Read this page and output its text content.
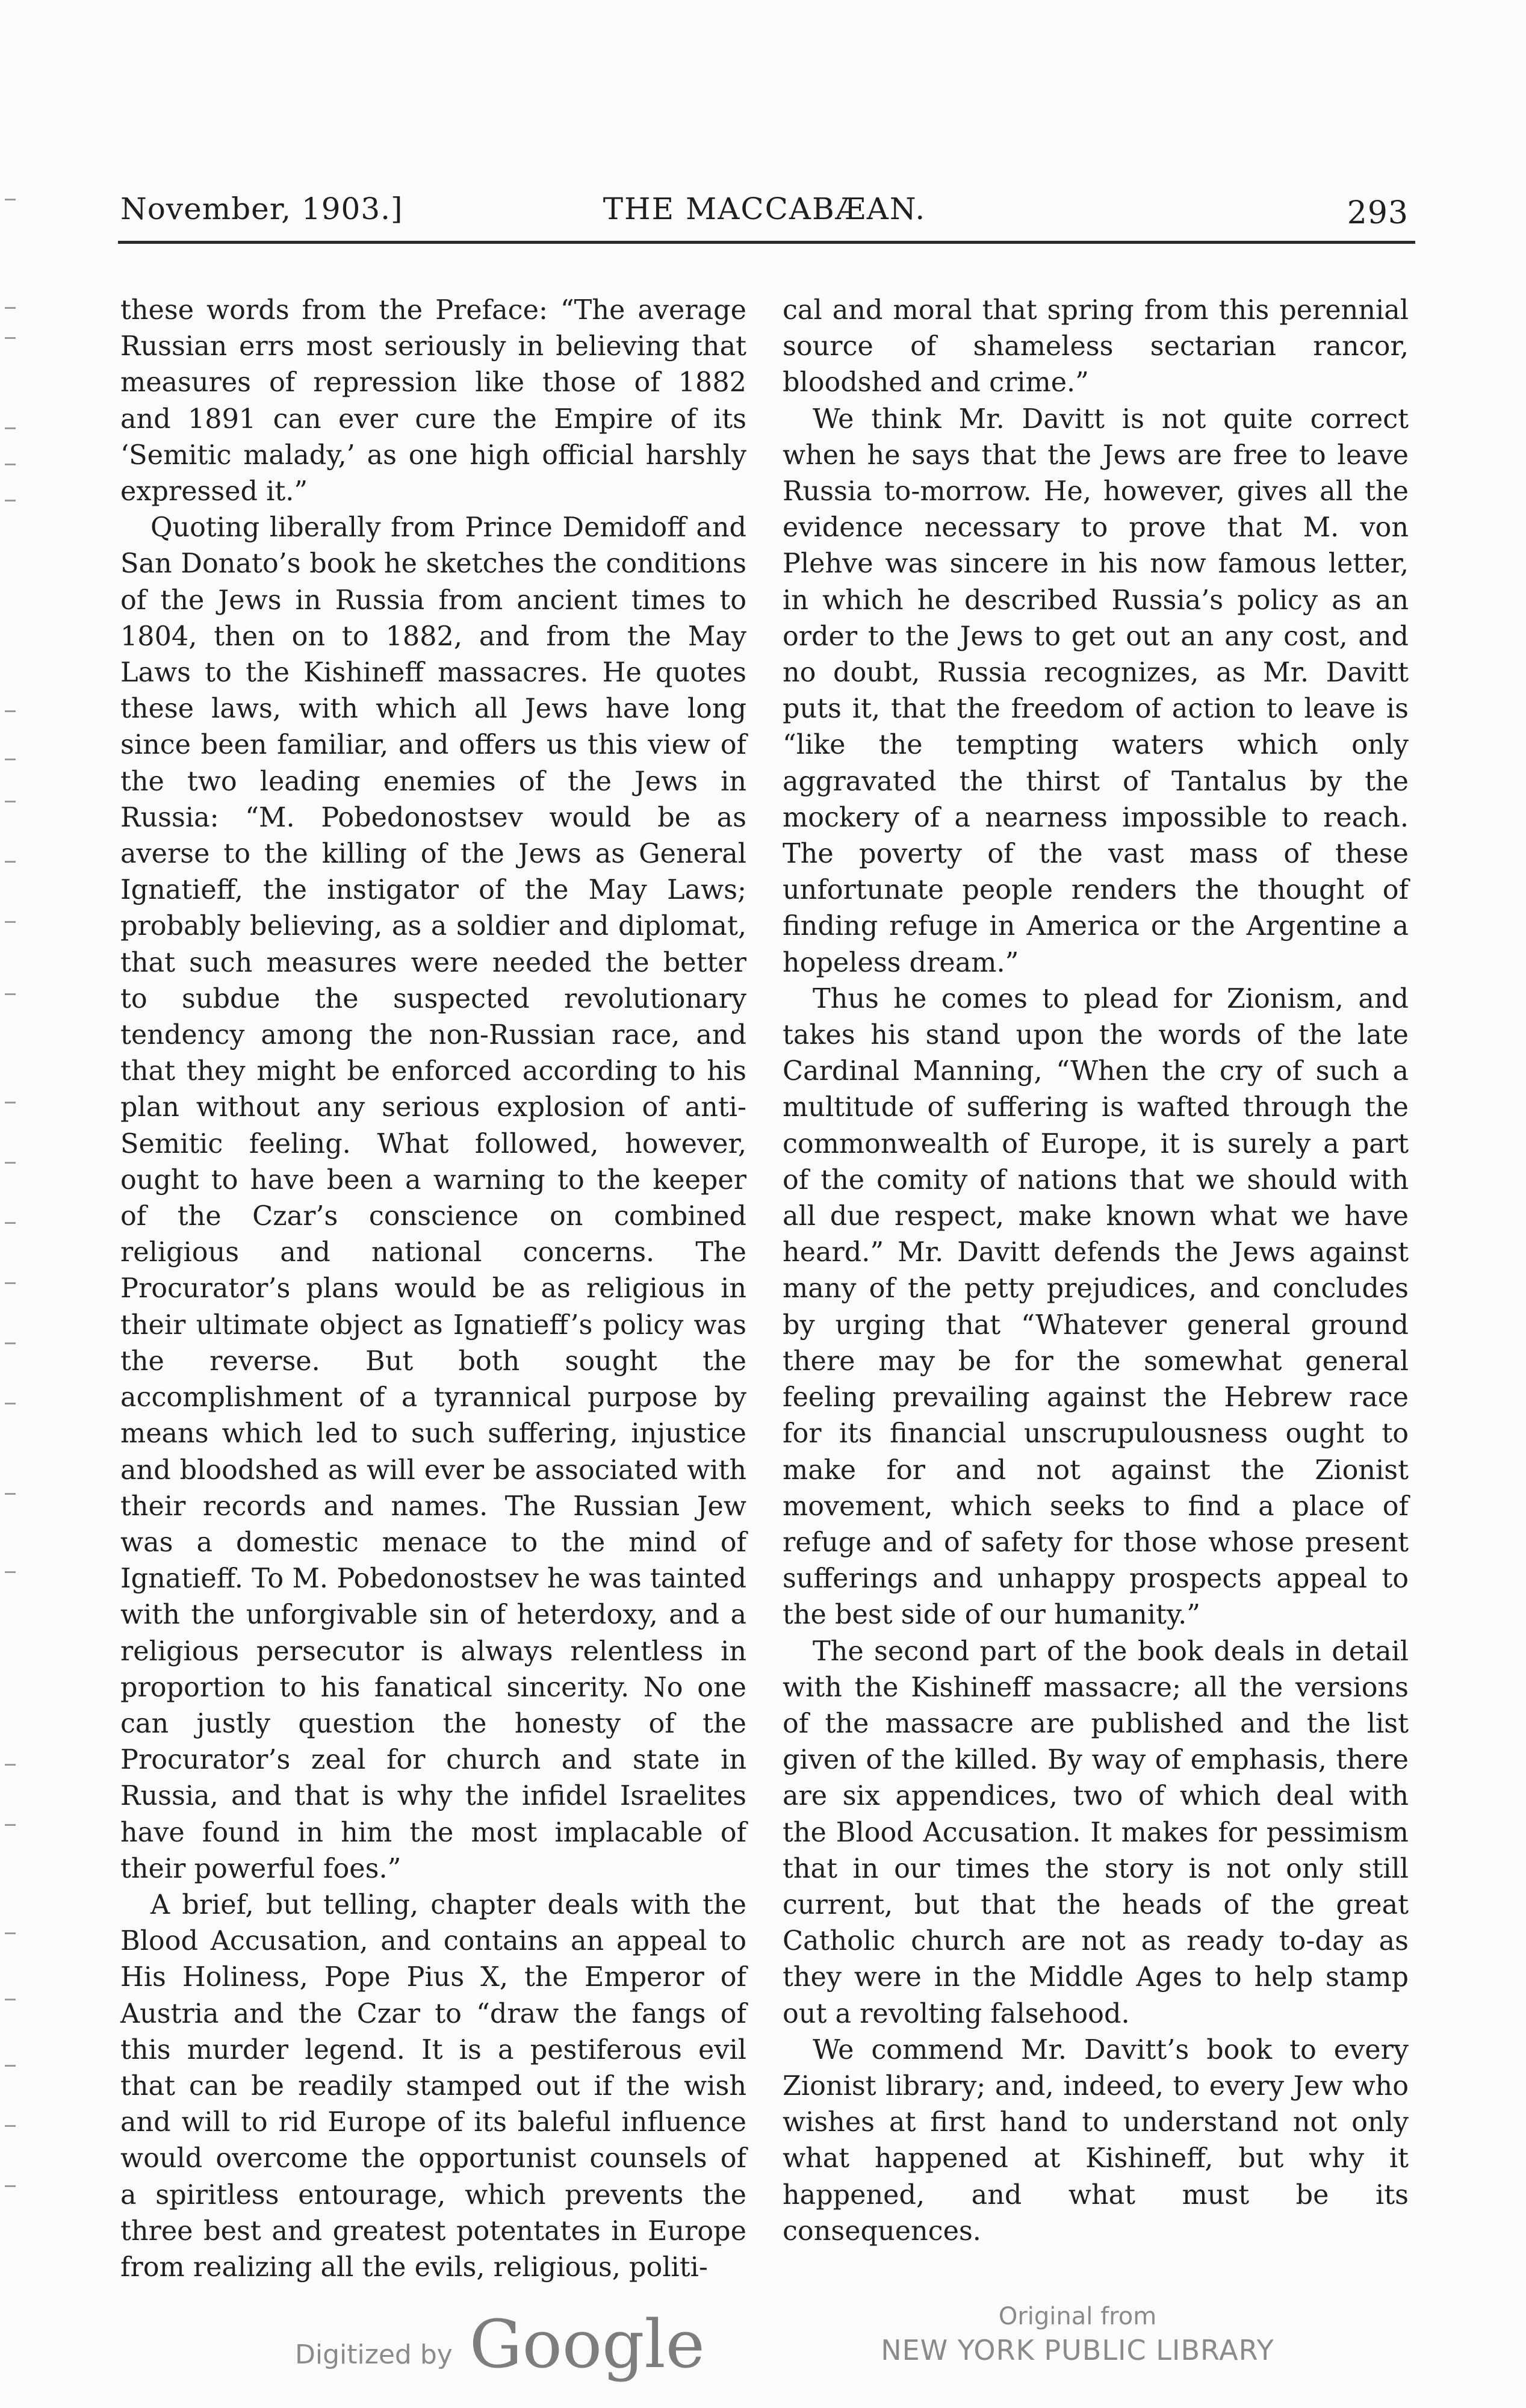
November, 1903.]	THE MACCABÆAN.	293

these words from the Preface: “The average Russian errs most seriously in believing that measures of repression like those of 1882 and 1891 can ever cure the Empire of its ‘Semitic malady,’ as one high official harshly expressed it.”

Quoting liberally from Prince Demidoff and San Donato’s book he sketches the conditions of the Jews in Russia from ancient times to 1804, then on to 1882, and from the May Laws to the Kishineff massacres. He quotes these laws, with which all Jews have long since been familiar, and offers us this view of the two leading enemies of the Jews in Russia: “M. Pobedonostsev would be as averse to the killing of the Jews as General Ignatieff, the instigator of the May Laws; probably believing, as a soldier and diplomat, that such measures were needed the better to subdue the suspected revolutionary tendency among the non-Russian race, and that they might be enforced according to his plan without any serious explosion of anti-Semitic feeling. What followed, however, ought to have been a warning to the keeper of the Czar’s conscience on combined religious and national concerns. The Procurator’s plans would be as religious in their ultimate object as Ignatieff’s policy was the reverse. But both sought the accomplishment of a tyrannical purpose by means which led to such suffering, injustice and bloodshed as will ever be associated with their records and names. The Russian Jew was a domestic menace to the mind of Ignatieff. To M. Pobedonostsev he was tainted with the unforgivable sin of heterdoxy, and a religious persecutor is always relentless in proportion to his fanatical sincerity. No one can justly question the honesty of the Procurator’s zeal for church and state in Russia, and that is why the infidel Israelites have found in him the most implacable of their powerful foes.”

A brief, but telling, chapter deals with the Blood Accusation, and contains an appeal to His Holiness, Pope Pius X, the Emperor of Austria and the Czar to “draw the fangs of this murder legend. It is a pestiferous evil that can be readily stamped out if the wish and will to rid Europe of its baleful influence would overcome the opportunist counsels of a spiritless entourage, which prevents the three best and greatest potentates in Europe from realizing all the evils, religious, politi-

cal and moral that spring from this perennial source of shameless sectarian rancor, bloodshed and crime.”

We think Mr. Davitt is not quite correct when he says that the Jews are free to leave Russia to-morrow. He, however, gives all the evidence necessary to prove that M. von Plehve was sincere in his now famous letter, in which he described Russia’s policy as an order to the Jews to get out an any cost, and no doubt, Russia recognizes, as Mr. Davitt puts it, that the freedom of action to leave is “like the tempting waters which only aggravated the thirst of Tantalus by the mockery of a nearness impossible to reach. The poverty of the vast mass of these unfortunate people renders the thought of finding refuge in America or the Argentine a hopeless dream.”

Thus he comes to plead for Zionism, and takes his stand upon the words of the late Cardinal Manning, “When the cry of such a multitude of suffering is wafted through the commonwealth of Europe, it is surely a part of the comity of nations that we should with all due respect, make known what we have heard.” Mr. Davitt defends the Jews against many of the petty prejudices, and concludes by urging that “Whatever general ground there may be for the somewhat general feeling prevailing against the Hebrew race for its financial unscrupulousness ought to make for and not against the Zionist movement, which seeks to find a place of refuge and of safety for those whose present sufferings and unhappy prospects appeal to the best side of our humanity.”

The second part of the book deals in detail with the Kishineff massacre; all the versions of the massacre are published and the list given of the killed. By way of emphasis, there are six appendices, two of which deal with the Blood Accusation. It makes for pessimism that in our times the story is not only still current, but that the heads of the great Catholic church are not as ready to-day as they were in the Middle Ages to help stamp out a revolting falsehood.

We commend Mr. Davitt’s book to every Zionist library; and, indeed, to every Jew who wishes at first hand to understand not only what happened at Kishineff, but why it happened, and what must be its consequences.

Digitized by Google	Original from
NEW YORK PUBLIC LIBRARY
